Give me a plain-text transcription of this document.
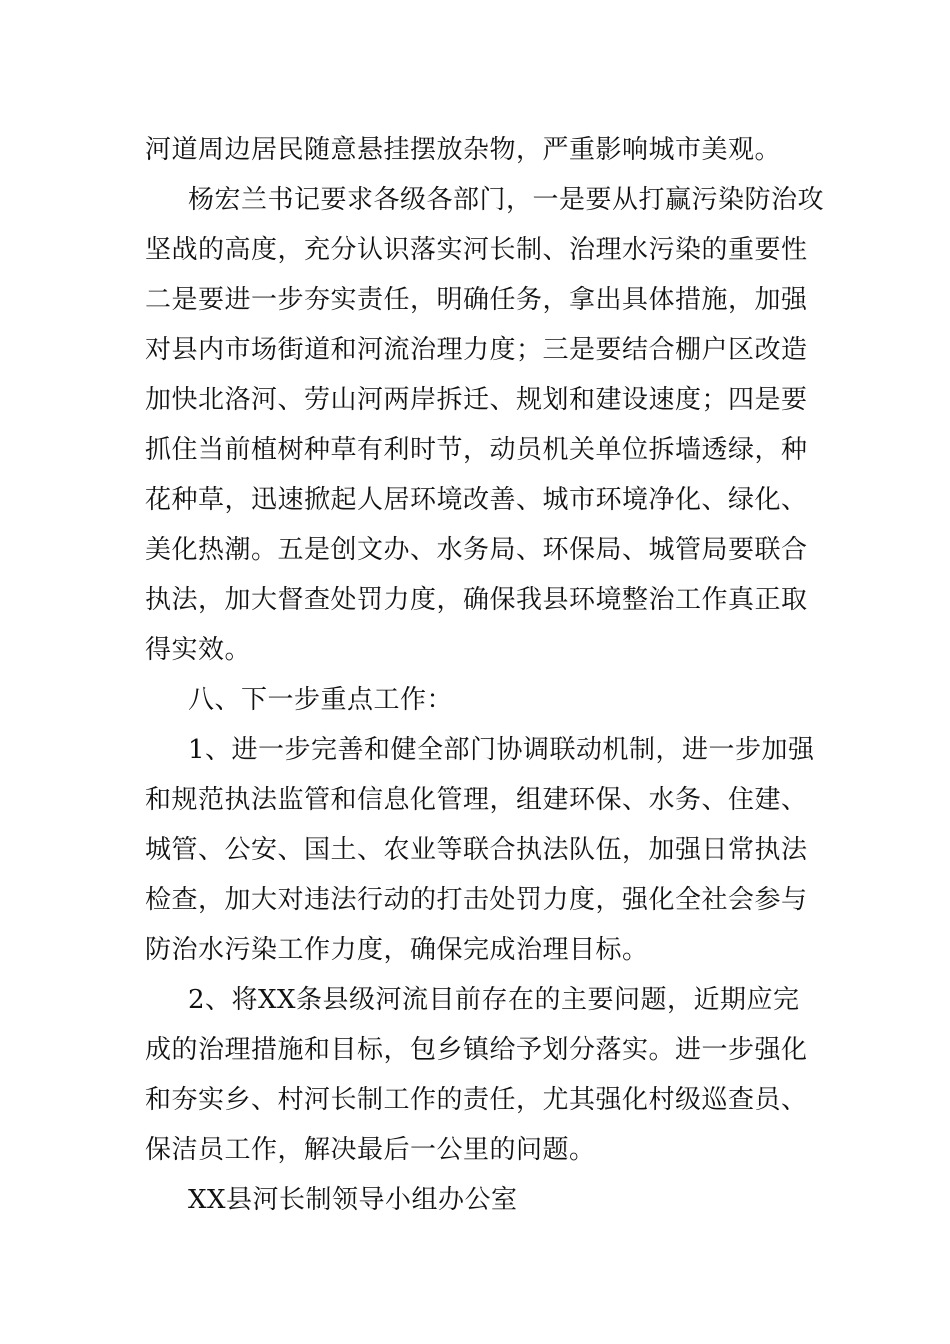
河道周边居民随意悬挂摆放杂物，严重影响城市美观。
杨宏兰书记要求各级各部门，一是要从打赢污染防治攻
坚战的高度，充分认识落实河长制、治理水污染的重要性
二是要进一步夯实责任，明确任务，拿出具体措施，加强
对县内市场街道和河流治理力度；三是要结合棚户区改造
加快北洛河、劳山河两岸拆迁、规划和建设速度；四是要
抓住当前植树种草有利时节，动员机关单位拆墙透绿，种
花种草，迅速掀起人居环境改善、城市环境净化、绿化、
美化热潮。五是创文办、水务局、环保局、城管局要联合
执法，加大督查处罚力度，确保我县环境整治工作真正取
得实效。
八、下一步重点工作：
1、进一步完善和健全部门协调联动机制，进一步加强
和规范执法监管和信息化管理，组建环保、水务、住建、
城管、公安、国土、农业等联合执法队伍，加强日常执法
检查，加大对违法行动的打击处罚力度，强化全社会参与
防治水污染工作力度，确保完成治理目标。
2、将XX条县级河流目前存在的主要问题，近期应完
成的治理措施和目标，包乡镇给予划分落实。进一步强化
和夯实乡、村河长制工作的责任，尤其强化村级巡查员、
保洁员工作，解决最后一公里的问题。
XX县河长制领导小组办公室
